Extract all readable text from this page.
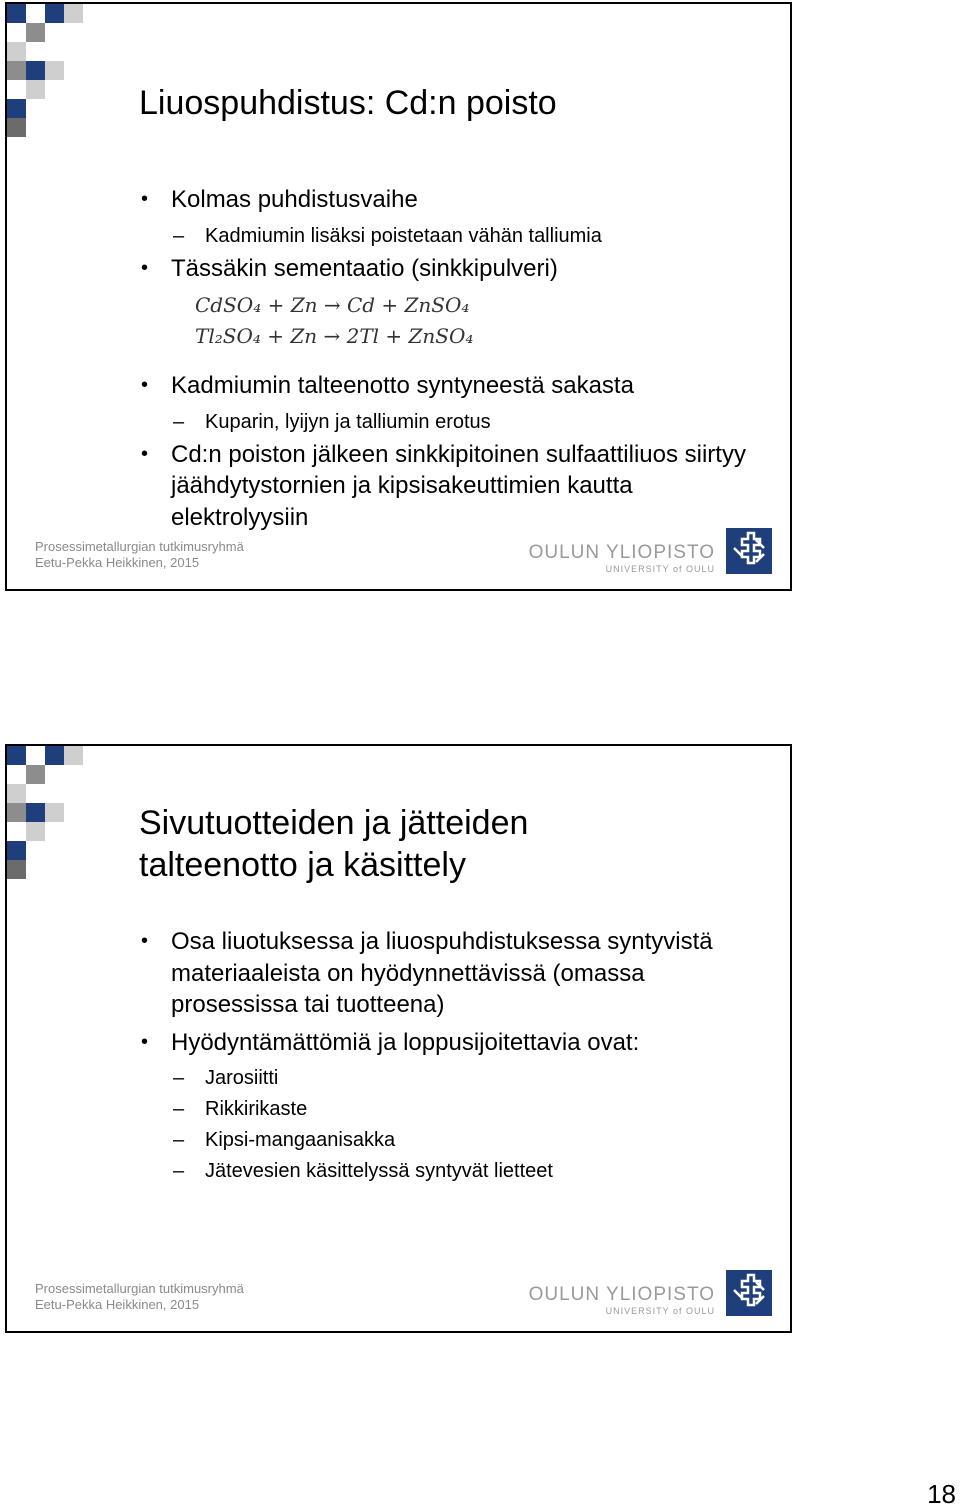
Liuospuhdistus: Cd:n poisto
• Kolmas puhdistusvaihe
– Kadmiumin lisäksi poistetaan vähän talliumia
• Tässäkin sementaatio (sinkkipulveri)
CdSO₄ + Zn → Cd + ZnSO₄
Tl₂SO₄ + Zn → 2Tl + ZnSO₄
• Kadmiumin talteenotto syntyneestä sakasta
– Kuparin, lyijyn ja talliumin erotus
• Cd:n poiston jälkeen sinkkipitoinen sulfaattiliuos siirtyy jäähdytystornien ja kipsisakeuttimien kautta elektrolyysiin
Prosessimetallurgian tutkimusryhmä
Eetu-Pekka Heikkinen, 2015	OULUN YLIOPISTO
UNIVERSITY of OULU
Sivutuotteiden ja jätteiden
talteenotto ja käsittely
• Osa liuotuksessa ja liuospuhdistuksessa syntyvistä materiaaleista on hyödynnettävissä (omassa prosessissa tai tuotteena)
• Hyödyntämättömiä ja loppusijoitettavia ovat:
– Jarosiitti
– Rikkirikaste
– Kipsi-mangaanisakka
– Jätevesien käsittelyssä syntyvät lietteet
Prosessimetallurgian tutkimusryhmä
Eetu-Pekka Heikkinen, 2015	OULUN YLIOPISTO
UNIVERSITY of OULU
18
